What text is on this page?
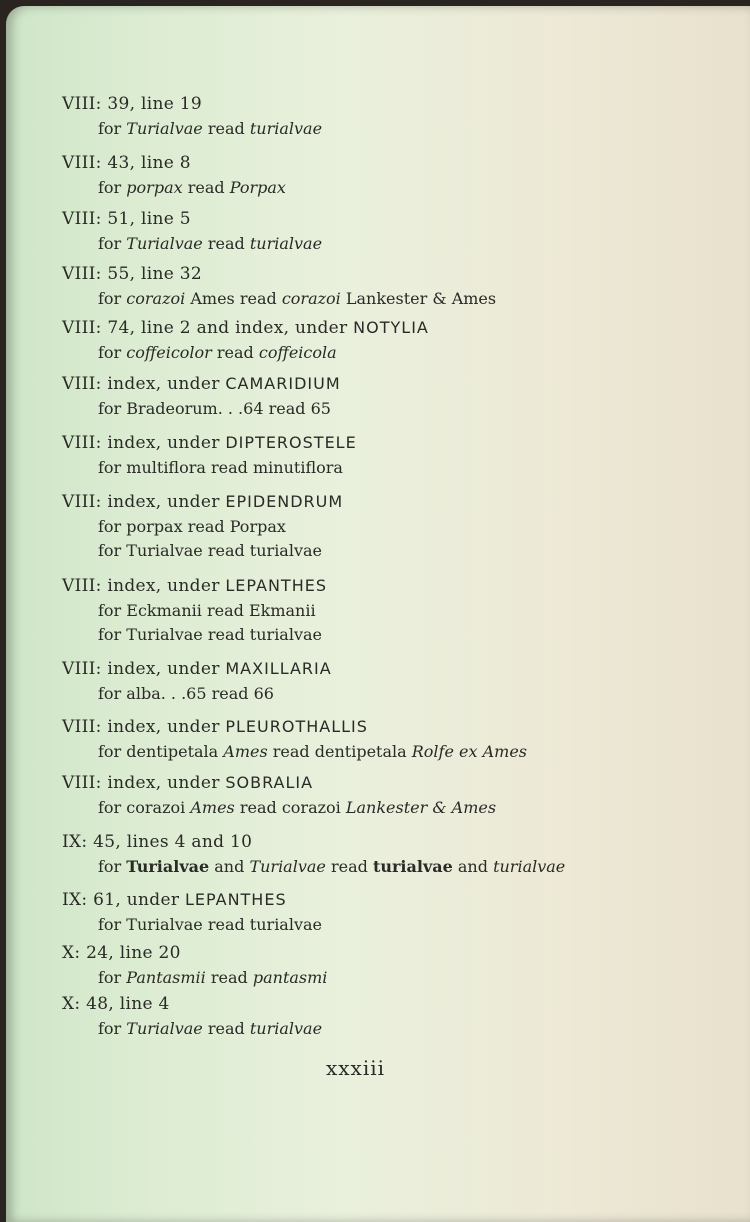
VIII: 39, line 19
for Turialvae read turialvae
VIII: 43, line 8
for porpax read Porpax
VIII: 51, line 5
for Turialvae read turialvae
VIII: 55, line 32
for corazoi Ames read corazoi Lankester & Ames
VIII: 74, line 2 and index, under NOTYLIA
for coffeicolor read coffeicola
VIII: index, under CAMARIDIUM
for Bradeorum. . .64 read 65
VIII: index, under DIPTEROSTELE
for multiflora read minutiflora
VIII: index, under EPIDENDRUM
for porpax read Porpax
for Turialvae read turialvae
VIII: index, under LEPANTHES
for Eckmanii read Ekmanii
for Turialvae read turialvae
VIII: index, under MAXILLARIA
for alba. . .65 read 66
VIII: index, under PLEUROTHALLIS
for dentipetala Ames read dentipetala Rolfe ex Ames
VIII: index, under SOBRALIA
for corazoi Ames read corazoi Lankester & Ames
IX: 45, lines 4 and 10
for Turialvae and Turialvae read turialvae and turialvae
IX: 61, under LEPANTHES
for Turialvae read turialvae
X: 24, line 20
for Pantasmii read pantasmi
X: 48, line 4
for Turialvae read turialvae
xxxiii
